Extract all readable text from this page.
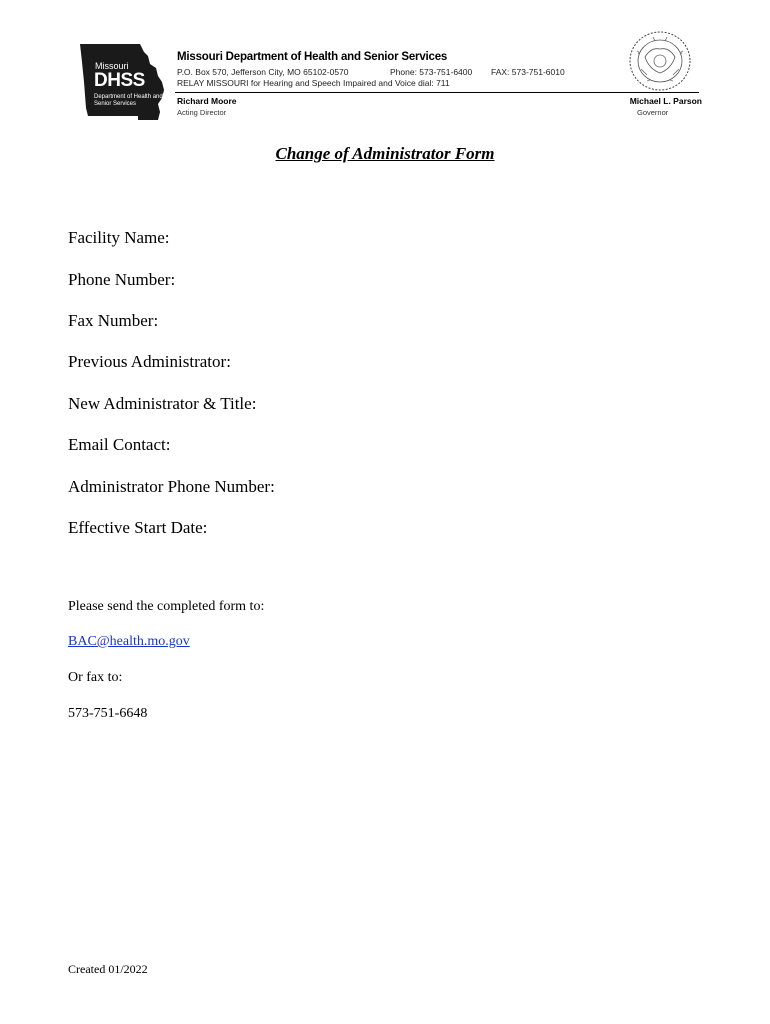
Missouri
DHSS
Department of Health and Senior Services
Missouri Department of Health and Senior Services
P.O. Box 570, Jefferson City, MO 65102-0570	Phone: 573-751-6400 FAX: 573-751-6010
RELAY MISSOURI for Hearing and Speech Impaired and Voice dial: 711
Richard Moore
Acting Director
Michael L. Parson
Governor
Change of Administrator Form
Facility Name:
Phone Number:
Fax Number:
Previous Administrator:
New Administrator & Title:
Email Contact:
Administrator Phone Number:
Effective Start Date:
Please send the completed form to:
BAC@health.mo.gov
Or fax to:
573-751-6648
Created 01/2022
